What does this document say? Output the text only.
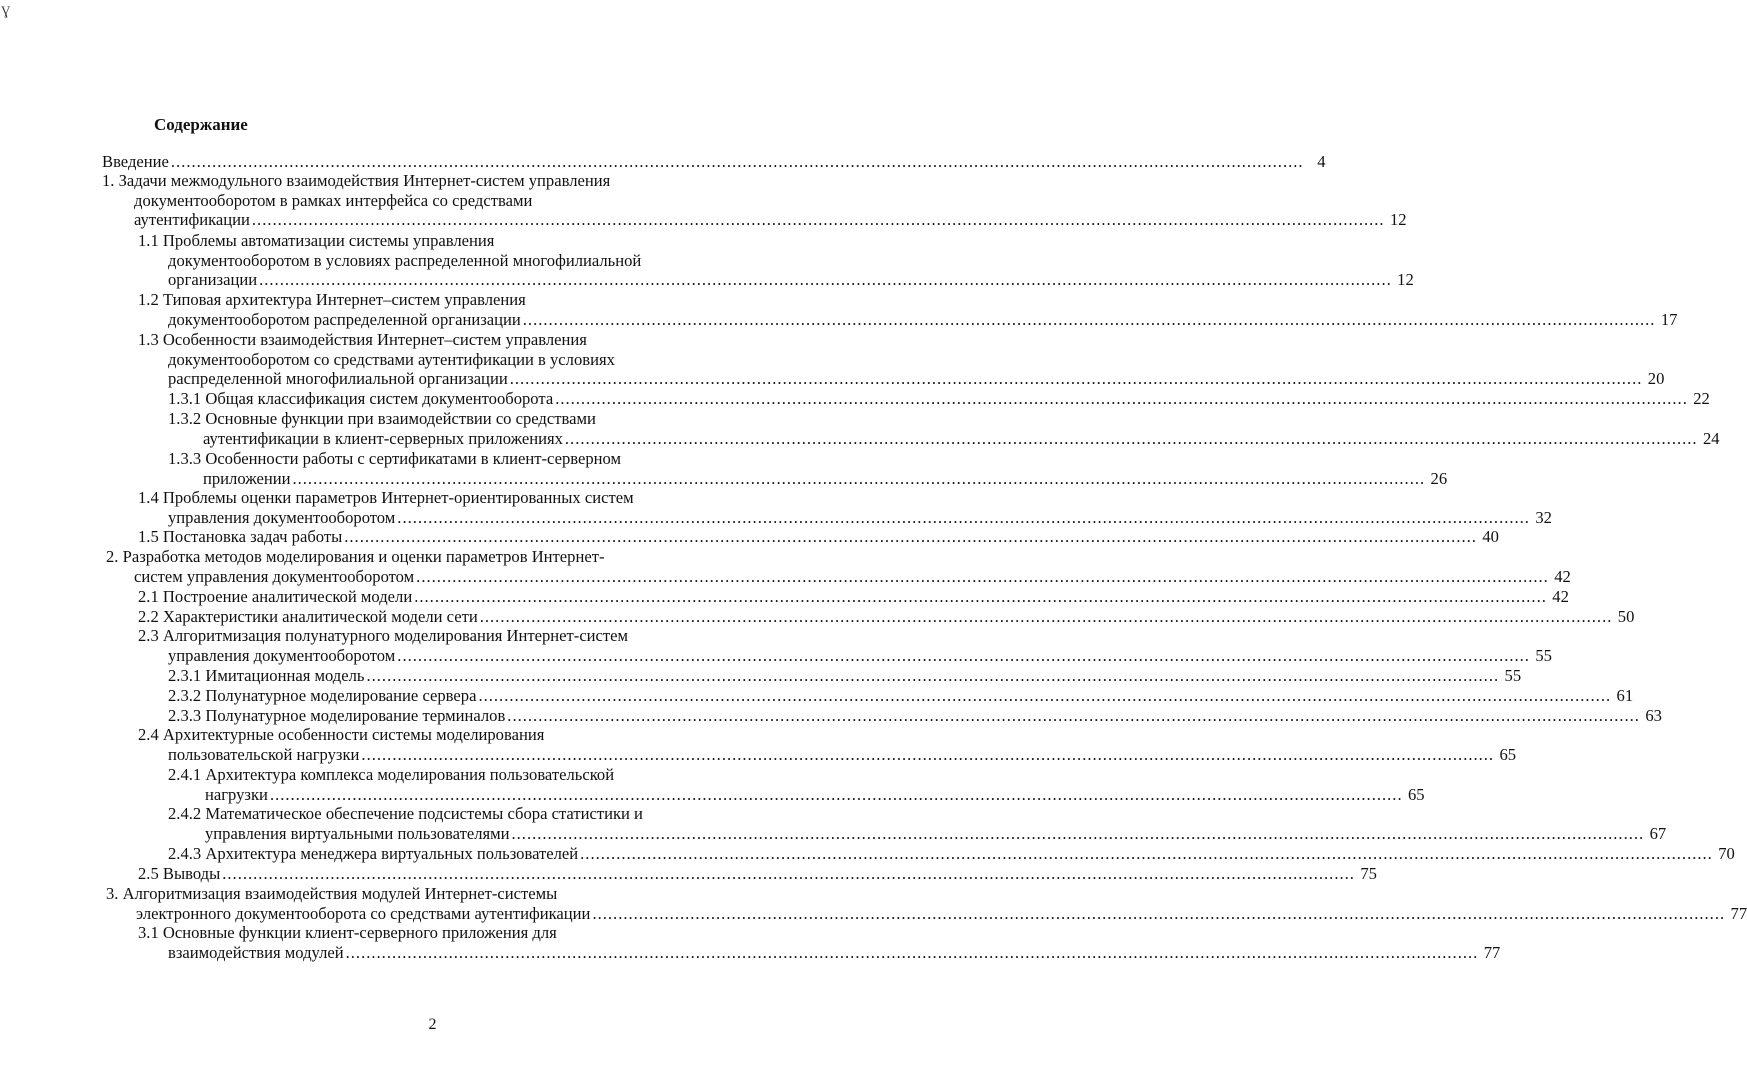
Ɣ
Содержание
Введение ............................................................................................................................................................................................................................ 4
1. Задачи межмодульного взаимодействия Интернет-систем управления
документооборотом в рамках интерфейса со средствами
аутентификации ............................................................................................................................................................................................................................ 12
1.1 Проблемы автоматизации системы управления
документооборотом в условиях распределенной многофилиальной
организации ............................................................................................................................................................................................................................ 12
1.2 Типовая архитектура Интернет–систем управления
документооборотом распределенной организации ............................................................................................................................................................................................................................ 17
1.3 Особенности взаимодействия Интернет–систем управления
документооборотом со средствами аутентификации в условиях
распределенной многофилиальной организации ............................................................................................................................................................................................................................ 20
1.3.1 Общая классификация систем документооборота ............................................................................................................................................................................................................................ 22
1.3.2 Основные функции при взаимодействии со средствами
аутентификации в клиент-серверных приложениях ............................................................................................................................................................................................................................ 24
1.3.3 Особенности работы с сертификатами в клиент-серверном
приложении ............................................................................................................................................................................................................................ 26
1.4 Проблемы оценки параметров Интернет-ориентированных систем
управления документооборотом ............................................................................................................................................................................................................................ 32
1.5 Постановка задач работы ............................................................................................................................................................................................................................ 40
2. Разработка методов моделирования и оценки параметров Интернет-
систем управления документооборотом ............................................................................................................................................................................................................................ 42
2.1 Построение аналитической модели ............................................................................................................................................................................................................................ 42
2.2 Характеристики аналитической модели сети ............................................................................................................................................................................................................................ 50
2.3 Алгоритмизация полунатурного моделирования Интернет-систем
управления документооборотом ............................................................................................................................................................................................................................ 55
2.3.1 Имитационная модель ............................................................................................................................................................................................................................ 55
2.3.2 Полунатурное моделирование сервера ............................................................................................................................................................................................................................ 61
2.3.3 Полунатурное моделирование терминалов ............................................................................................................................................................................................................................ 63
2.4 Архитектурные особенности системы моделирования
пользовательской нагрузки ............................................................................................................................................................................................................................ 65
2.4.1 Архитектура комплекса моделирования пользовательской
нагрузки ............................................................................................................................................................................................................................ 65
2.4.2 Математическое обеспечение подсистемы сбора статистики и
управления виртуальными пользователями ............................................................................................................................................................................................................................ 67
2.4.3 Архитектура менеджера виртуальных пользователей ............................................................................................................................................................................................................................ 70
2.5 Выводы ............................................................................................................................................................................................................................ 75
3. Алгоритмизация взаимодействия модулей Интернет-системы
электронного документооборота со средствами аутентификации ............................................................................................................................................................................................................................ 77
3.1 Основные функции клиент-серверного приложения для
взаимодействия модулей ............................................................................................................................................................................................................................ 77
2
